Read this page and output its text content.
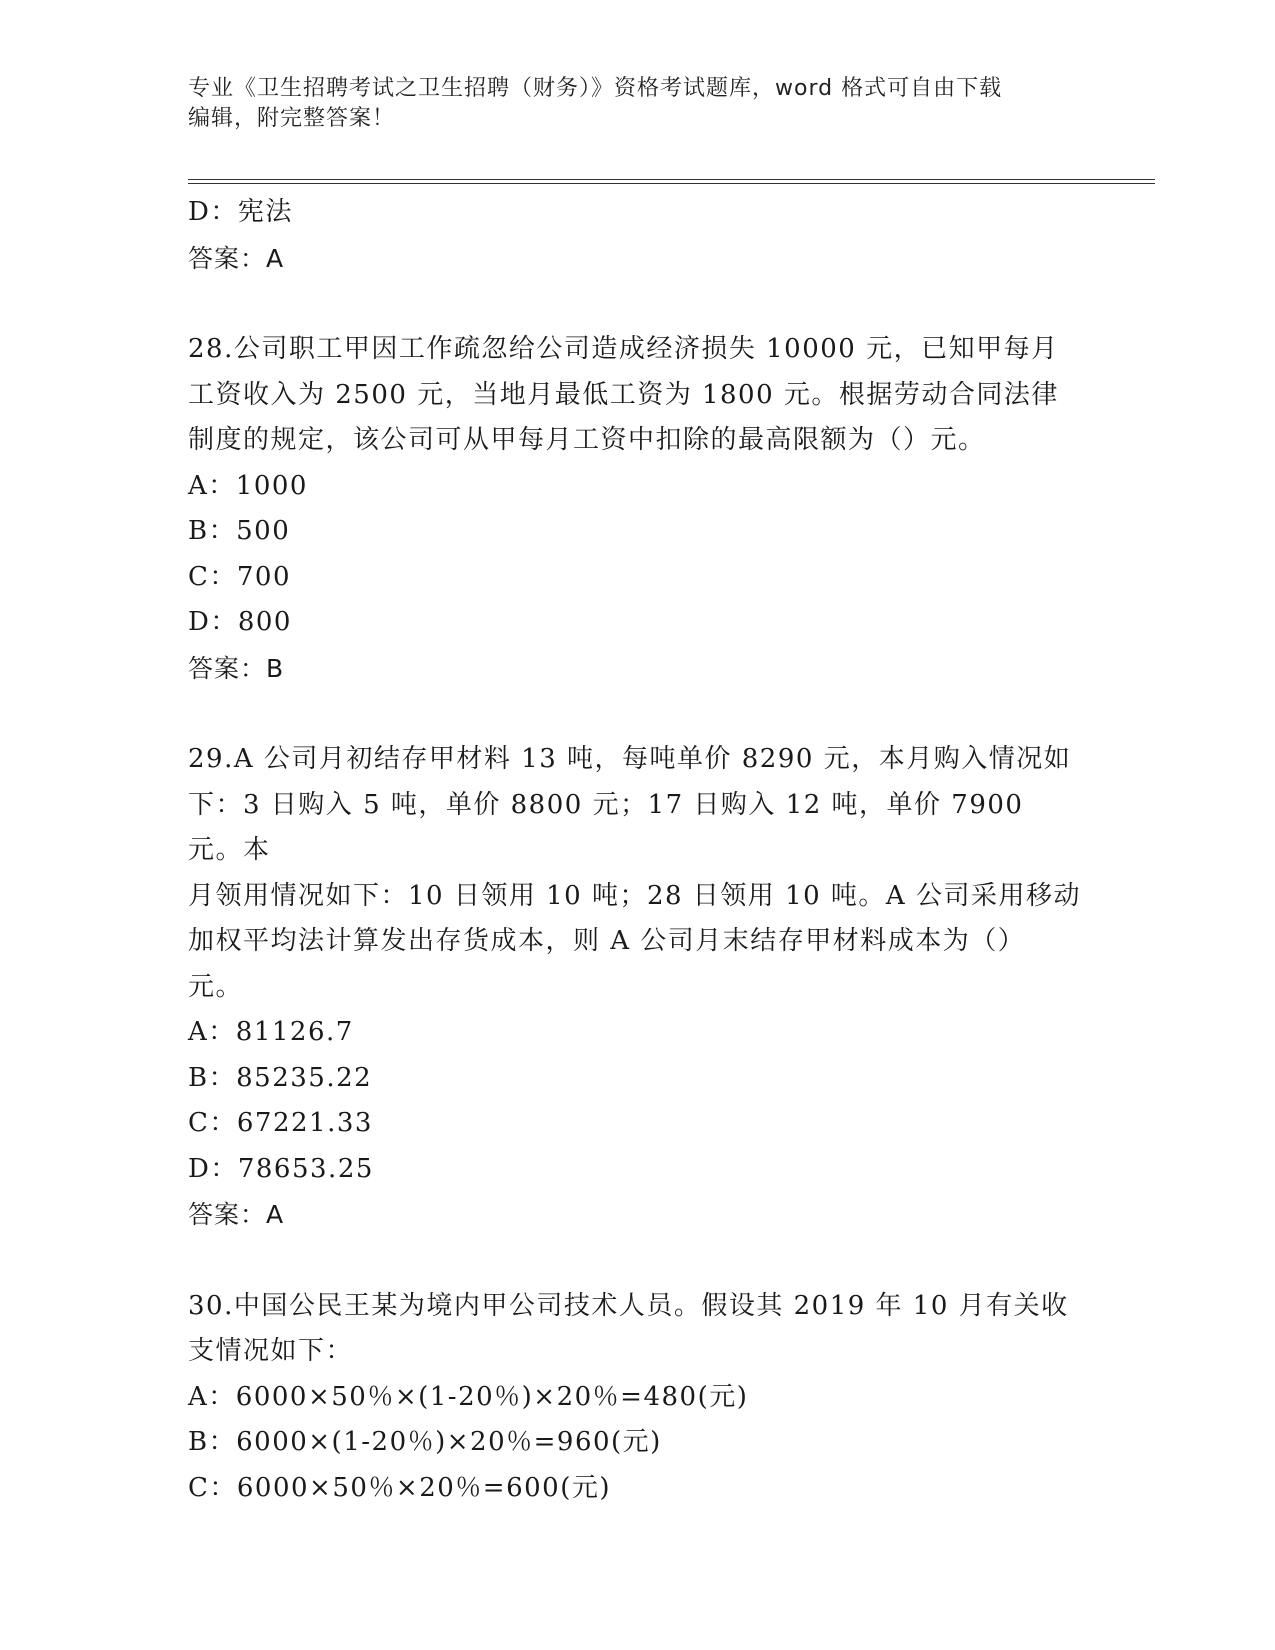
专业《卫生招聘考试之卫生招聘（财务）》资格考试题库，word 格式可自由下载
编辑，附完整答案！
D：宪法
答案：A
28.公司职工甲因工作疏忽给公司造成经济损失 10000 元，已知甲每月
工资收入为 2500 元，当地月最低工资为 1800 元。根据劳动合同法律
制度的规定，该公司可从甲每月工资中扣除的最高限额为（）元。
A：1000
B：500
C：700
D：800
答案：B
29.A 公司月初结存甲材料 13 吨，每吨单价 8290 元，本月购入情况如
下：3 日购入 5 吨，单价 8800 元；17 日购入 12 吨，单价 7900 元。本
月领用情况如下：10 日领用 10 吨；28 日领用 10 吨。A 公司采用移动
加权平均法计算发出存货成本，则 A 公司月末结存甲材料成本为（）
元。
A：81126.7
B：85235.22
C：67221.33
D：78653.25
答案：A
30.中国公民王某为境内甲公司技术人员。假设其 2019 年 10 月有关收
支情况如下：
A：6000×50％×(1-20％)×20％=480(元)
B：6000×(1-20％)×20％=960(元)
C：6000×50％×20％=600(元)
